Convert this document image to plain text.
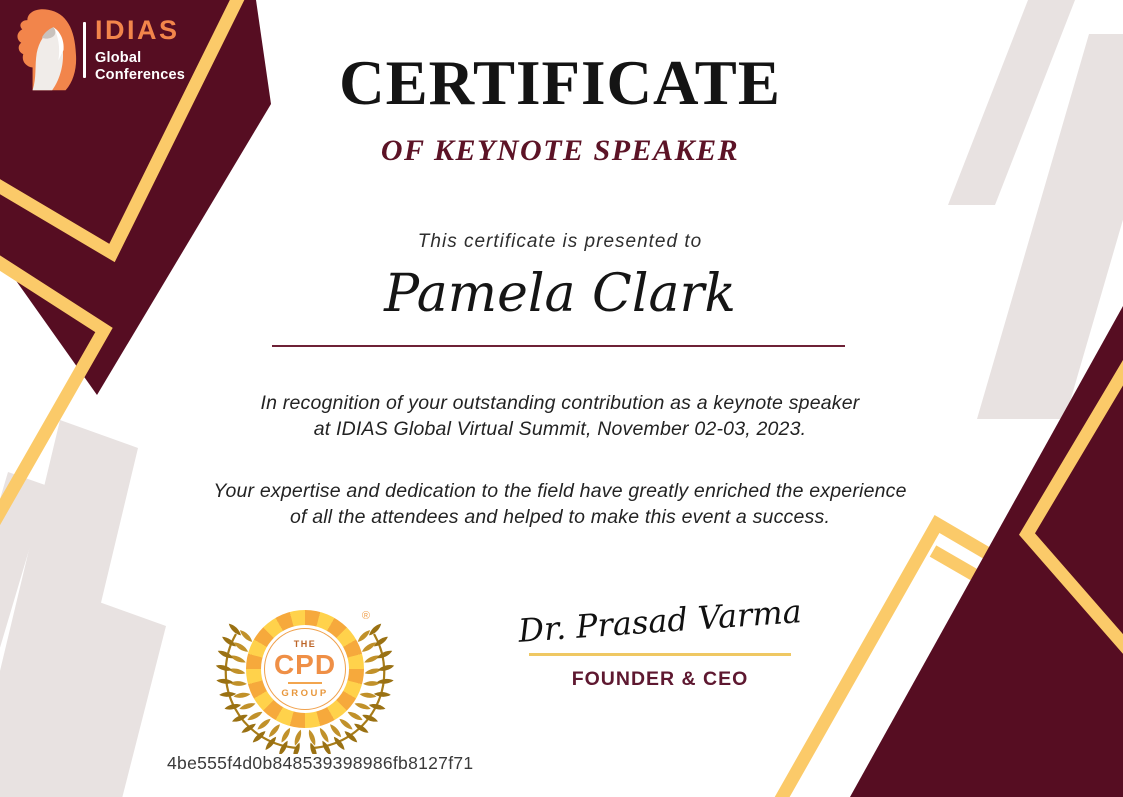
IDIAS
Global
Conferences	CERTIFICATE
OF KEYNOTE SPEAKER

This certificate is presented to

Pamela Clark
In recognition of your outstanding contribution as a keynote speaker
at IDIAS Global Virtual Summit, November 02-03, 2023.
Your expertise and dedication to the field have greatly enriched the experience
of all the attendees and helped to make this event a success.
®
THE
CPD
GROUP
Dr. Prasad Varma
FOUNDER & CEO
4be555f4d0b848539398986fb8127f71
